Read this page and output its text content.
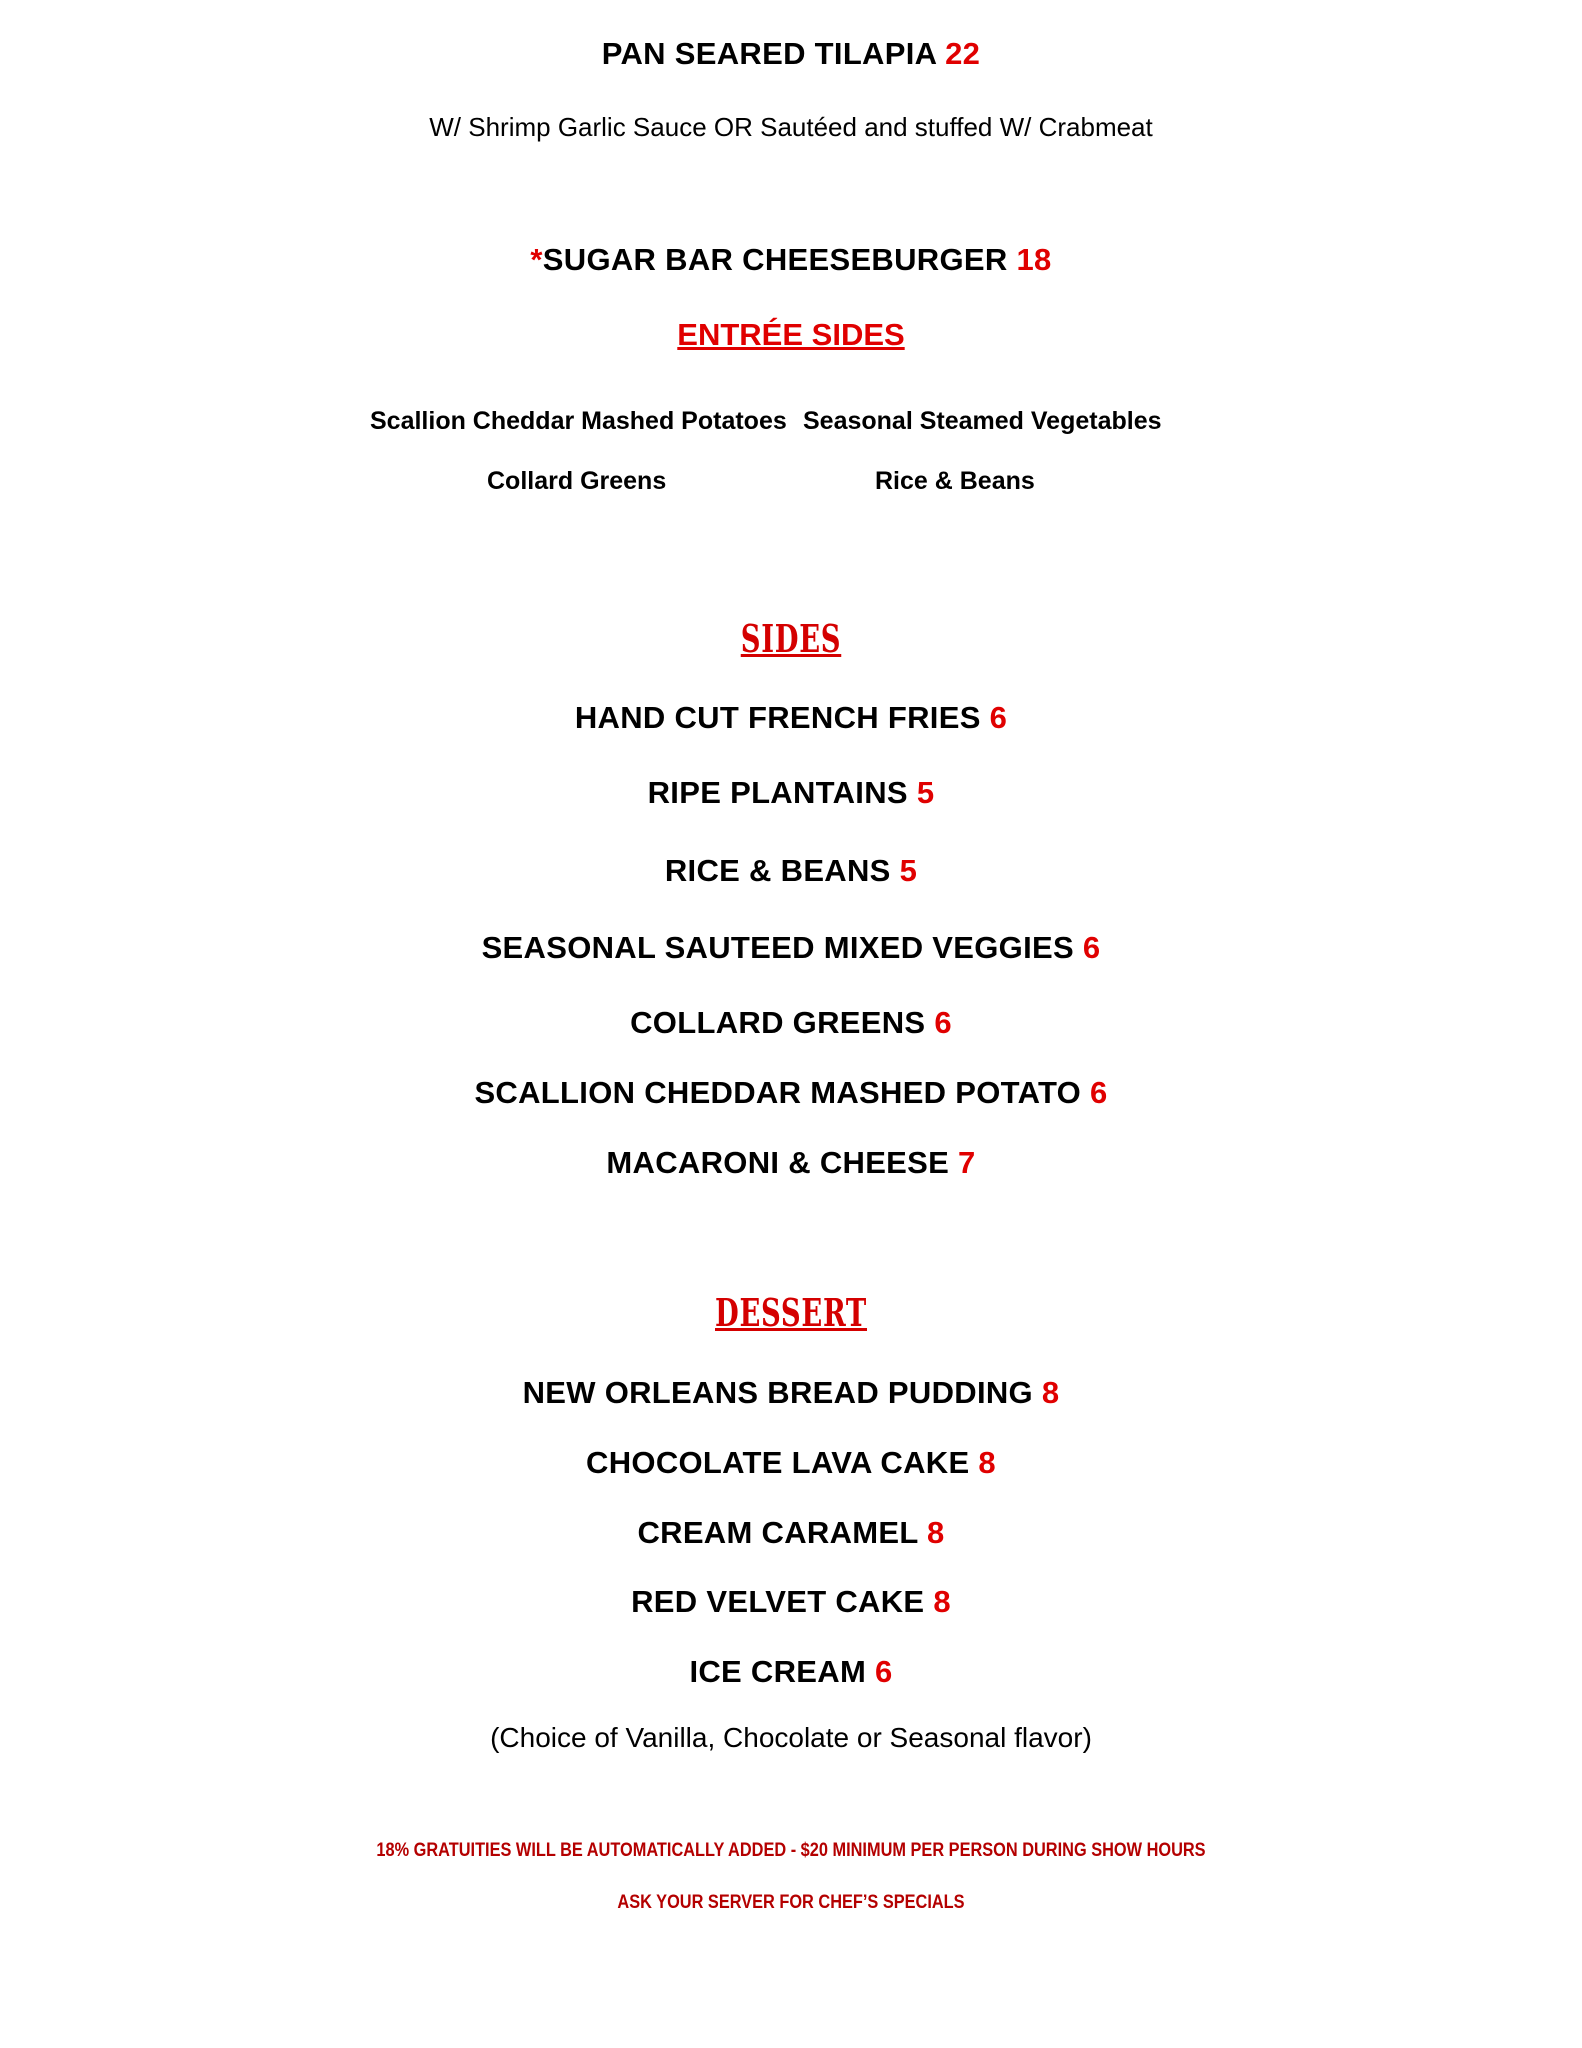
PAN SEARED TILAPIA 22
W/ Shrimp Garlic Sauce OR Sautéed and stuffed W/ Crabmeat
*SUGAR BAR CHEESEBURGER 18
ENTRÉE SIDES
Scallion Cheddar Mashed Potatoes Seasonal Steamed Vegetables
Collard Greens	Rice & Beans
SIDES
HAND CUT FRENCH FRIES 6
RIPE PLANTAINS 5
RICE & BEANS 5
SEASONAL SAUTEED MIXED VEGGIES 6
COLLARD GREENS 6
SCALLION CHEDDAR MASHED POTATO 6
MACARONI & CHEESE 7
DESSERT
NEW ORLEANS BREAD PUDDING 8
CHOCOLATE LAVA CAKE 8
CREAM CARAMEL 8
RED VELVET CAKE 8
ICE CREAM 6
(Choice of Vanilla, Chocolate or Seasonal flavor)
18% GRATUITIES WILL BE AUTOMATICALLY ADDED - $20 MINIMUM PER PERSON DURING SHOW HOURS
ASK YOUR SERVER FOR CHEF’S SPECIALS
